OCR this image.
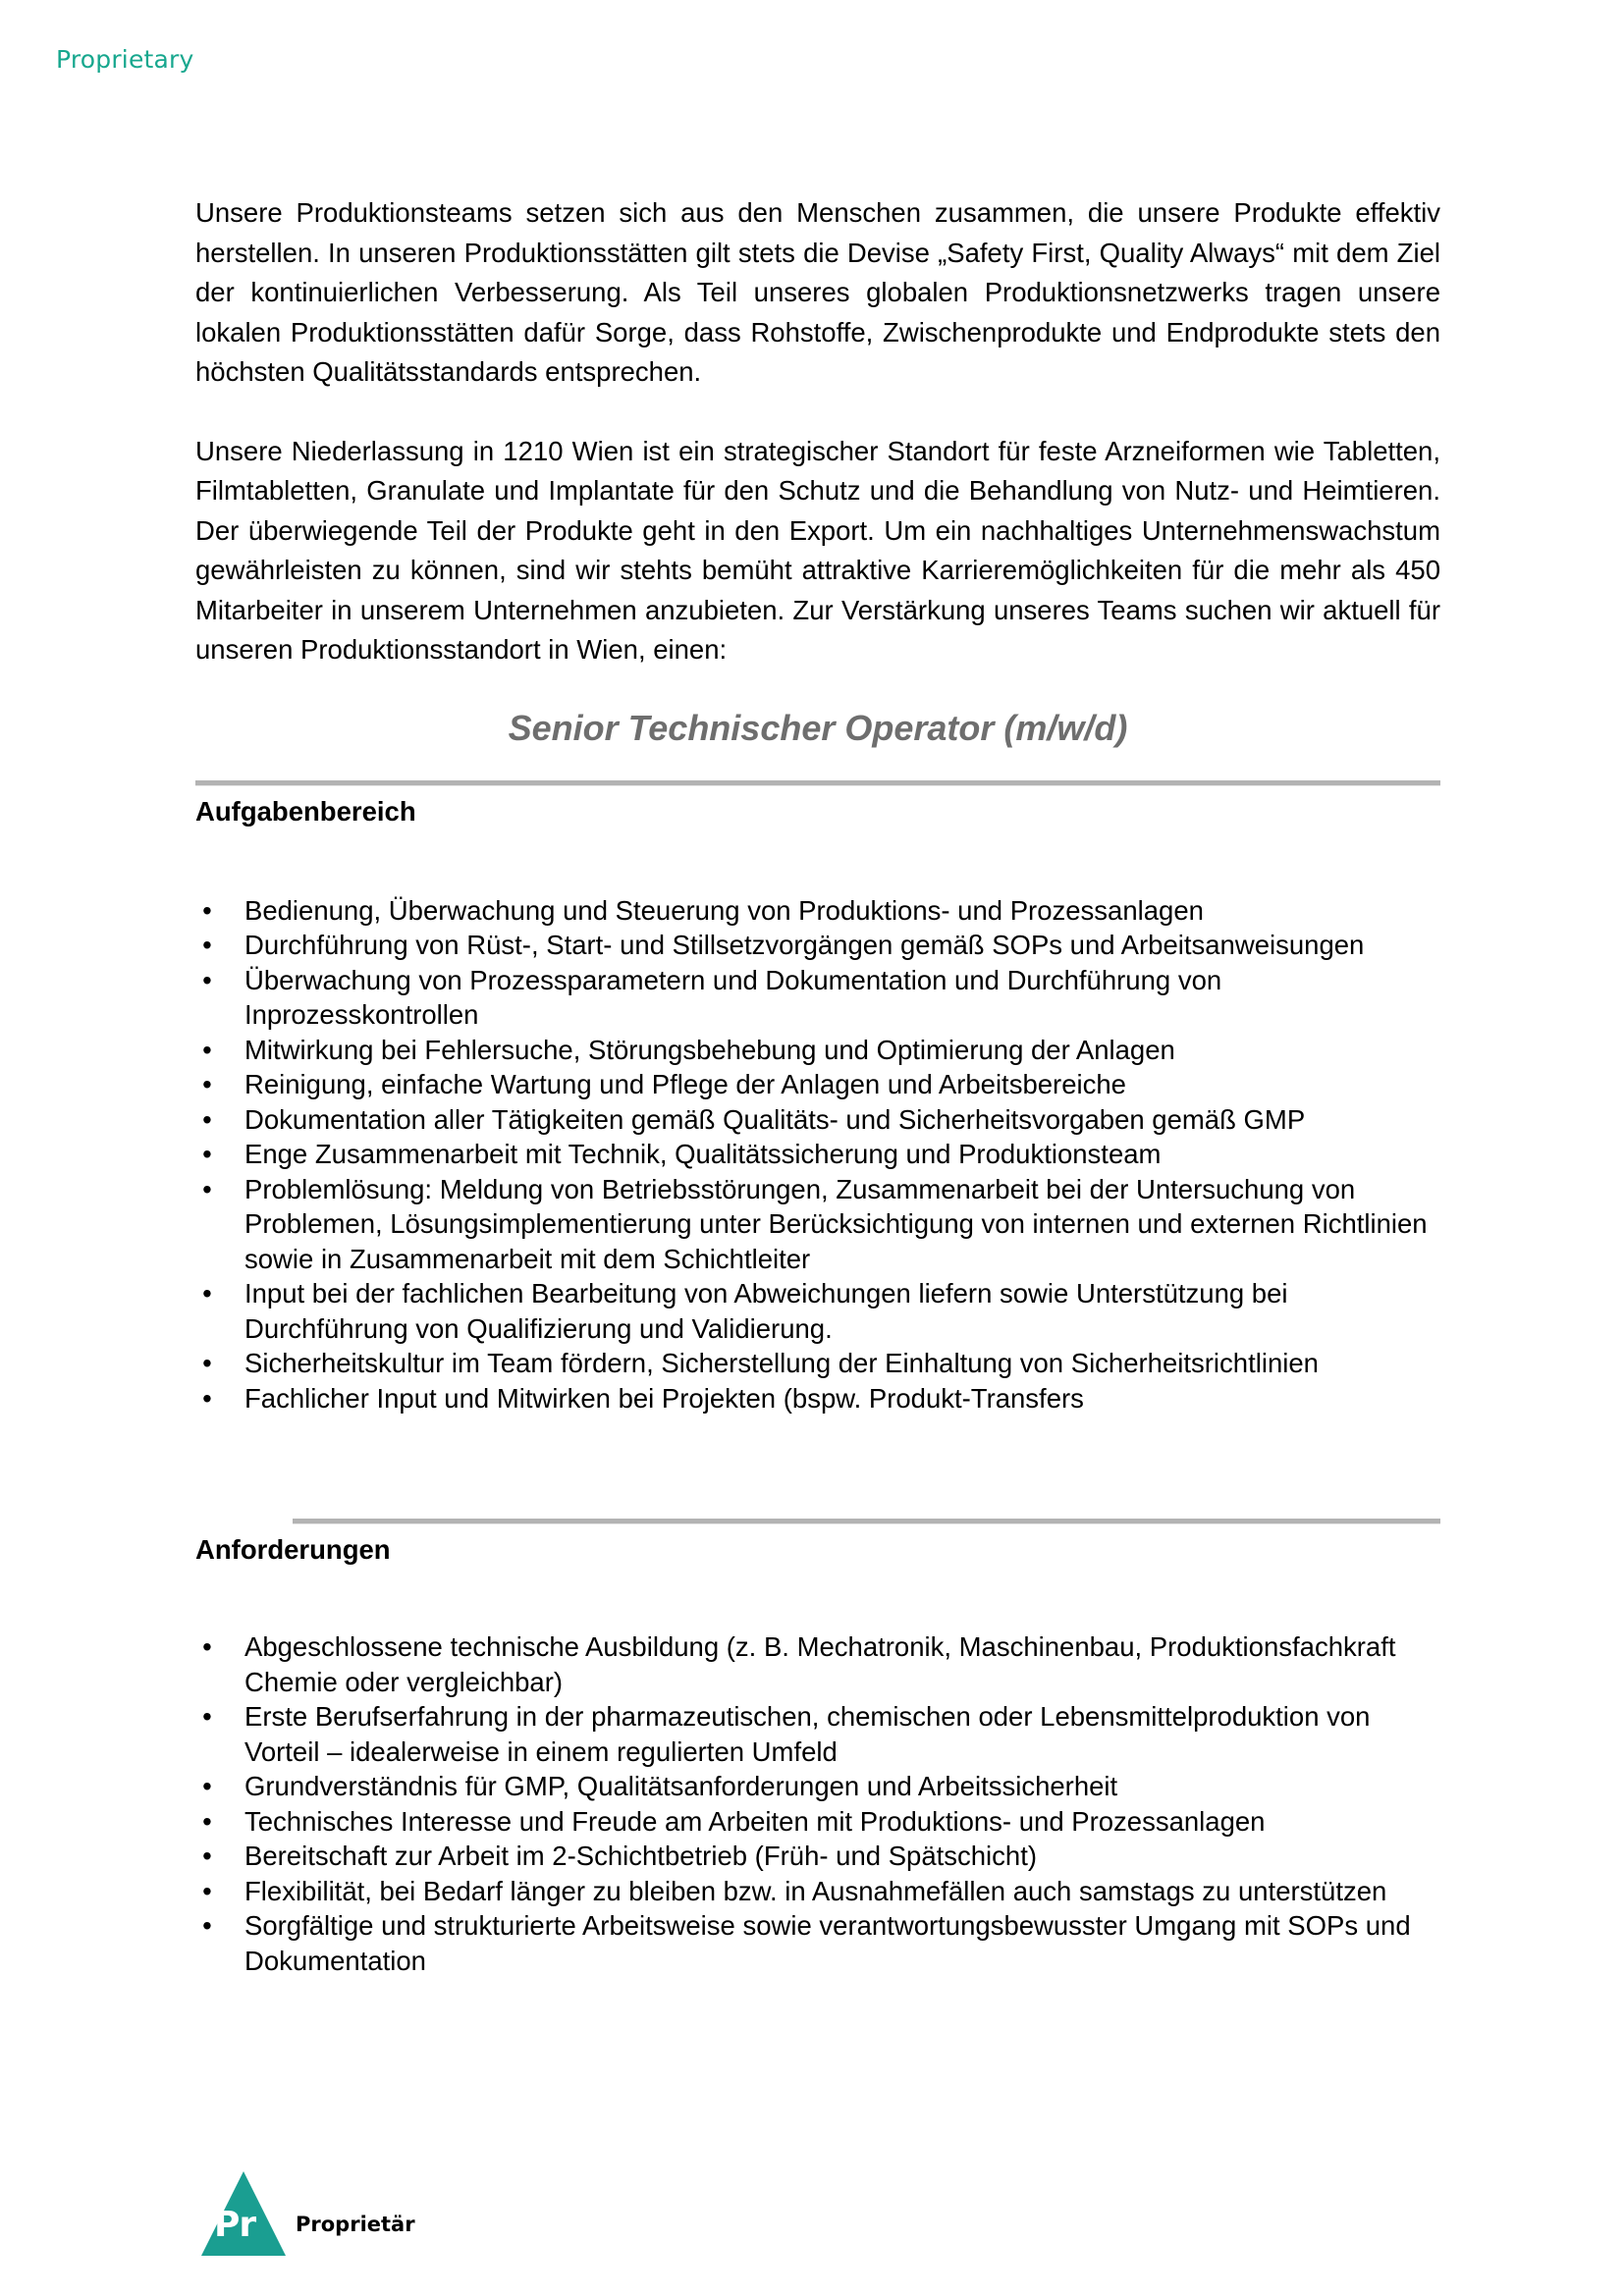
Proprietary

Unsere Produktionsteams setzen sich aus den Menschen zusammen, die unsere Produkte effektiv herstellen. In unseren Produktionsstätten gilt stets die Devise „Safety First, Quality Always“ mit dem Ziel der kontinuierlichen Verbesserung. Als Teil unseres globalen Produktionsnetzwerks tragen unsere lokalen Produktionsstätten dafür Sorge, dass Rohstoffe, Zwischenprodukte und Endprodukte stets den höchsten Qualitätsstandards entsprechen.

Unsere Niederlassung in 1210 Wien ist ein strategischer Standort für feste Arzneiformen wie Tabletten, Filmtabletten, Granulate und Implantate für den Schutz und die Behandlung von Nutz- und Heimtieren. Der überwiegende Teil der Produkte geht in den Export. Um ein nachhaltiges Unternehmenswachstum gewährleisten zu können, sind wir stehts bemüht attraktive Karrieremöglichkeiten für die mehr als 450 Mitarbeiter in unserem Unternehmen anzubieten. Zur Verstärkung unseres Teams suchen wir aktuell für unseren Produktionsstandort in Wien, einen:

Senior Technischer Operator (m/w/d)
Aufgabenbereich
• Bedienung, Überwachung und Steuerung von Produktions- und Prozessanlagen
• Durchführung von Rüst-, Start- und Stillsetzvorgängen gemäß SOPs und Arbeitsanweisungen
• Überwachung von Prozessparametern und Dokumentation und Durchführung von Inprozesskontrollen
• Mitwirkung bei Fehlersuche, Störungsbehebung und Optimierung der Anlagen
• Reinigung, einfache Wartung und Pflege der Anlagen und Arbeitsbereiche
• Dokumentation aller Tätigkeiten gemäß Qualitäts- und Sicherheitsvorgaben gemäß GMP
• Enge Zusammenarbeit mit Technik, Qualitätssicherung und Produktionsteam
• Problemlösung: Meldung von Betriebsstörungen, Zusammenarbeit bei der Untersuchung von Problemen, Lösungsimplementierung unter Berücksichtigung von internen und externen Richtlinien sowie in Zusammenarbeit mit dem Schichtleiter
• Input bei der fachlichen Bearbeitung von Abweichungen liefern sowie Unterstützung bei Durchführung von Qualifizierung und Validierung.
• Sicherheitskultur im Team fördern, Sicherstellung der Einhaltung von Sicherheitsrichtlinien
• Fachlicher Input und Mitwirken bei Projekten (bspw. Produkt-Transfers
Anforderungen
• Abgeschlossene technische Ausbildung (z. B. Mechatronik, Maschinenbau, Produktionsfachkraft Chemie oder vergleichbar)
• Erste Berufserfahrung in der pharmazeutischen, chemischen oder Lebensmittelproduktion von Vorteil – idealerweise in einem regulierten Umfeld
• Grundverständnis für GMP, Qualitätsanforderungen und Arbeitssicherheit
• Technisches Interesse und Freude am Arbeiten mit Produktions- und Prozessanlagen
• Bereitschaft zur Arbeit im 2-Schichtbetrieb (Früh- und Spätschicht)
• Flexibilität, bei Bedarf länger zu bleiben bzw. in Ausnahmefällen auch samstags zu unterstützen
• Sorgfältige und strukturierte Arbeitsweise sowie verantwortungsbewusster Umgang mit SOPs und Dokumentation
Pr Proprietär
